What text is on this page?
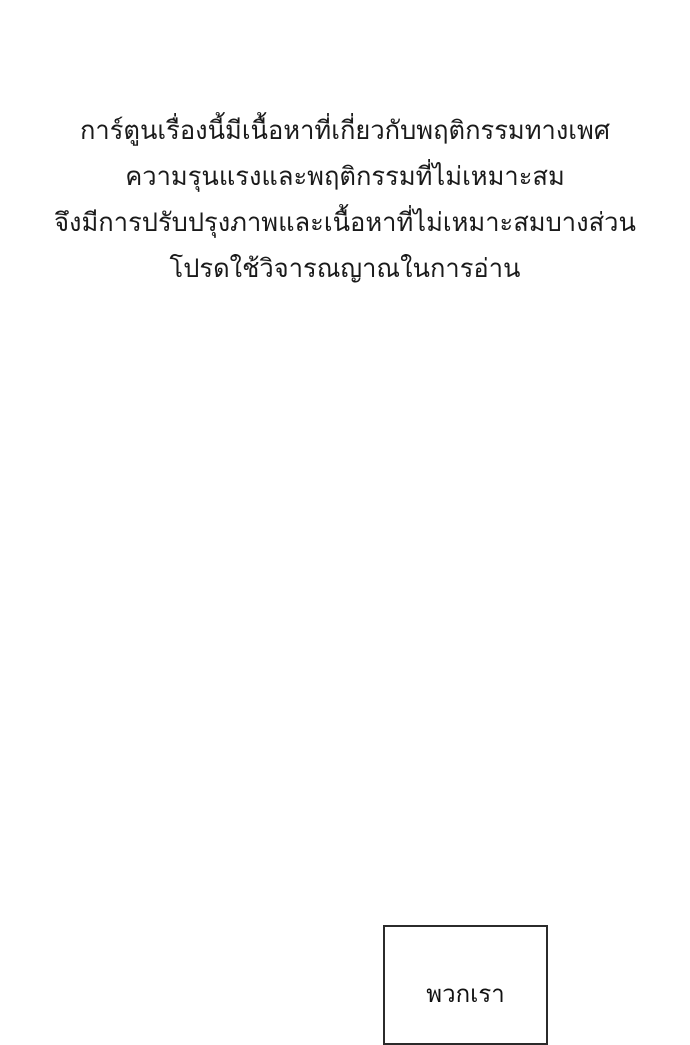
การ์ตูนเรื่องนี้มีเนื้อหาที่เกี่ยวกับพฤติกรรมทางเพศ
ความรุนแรงและพฤติกรรมที่ไม่เหมาะสม
จึงมีการปรับปรุงภาพและเนื้อหาที่ไม่เหมาะสมบางส่วน
โปรดใช้วิจารณญาณในการอ่าน
พวกเรา
